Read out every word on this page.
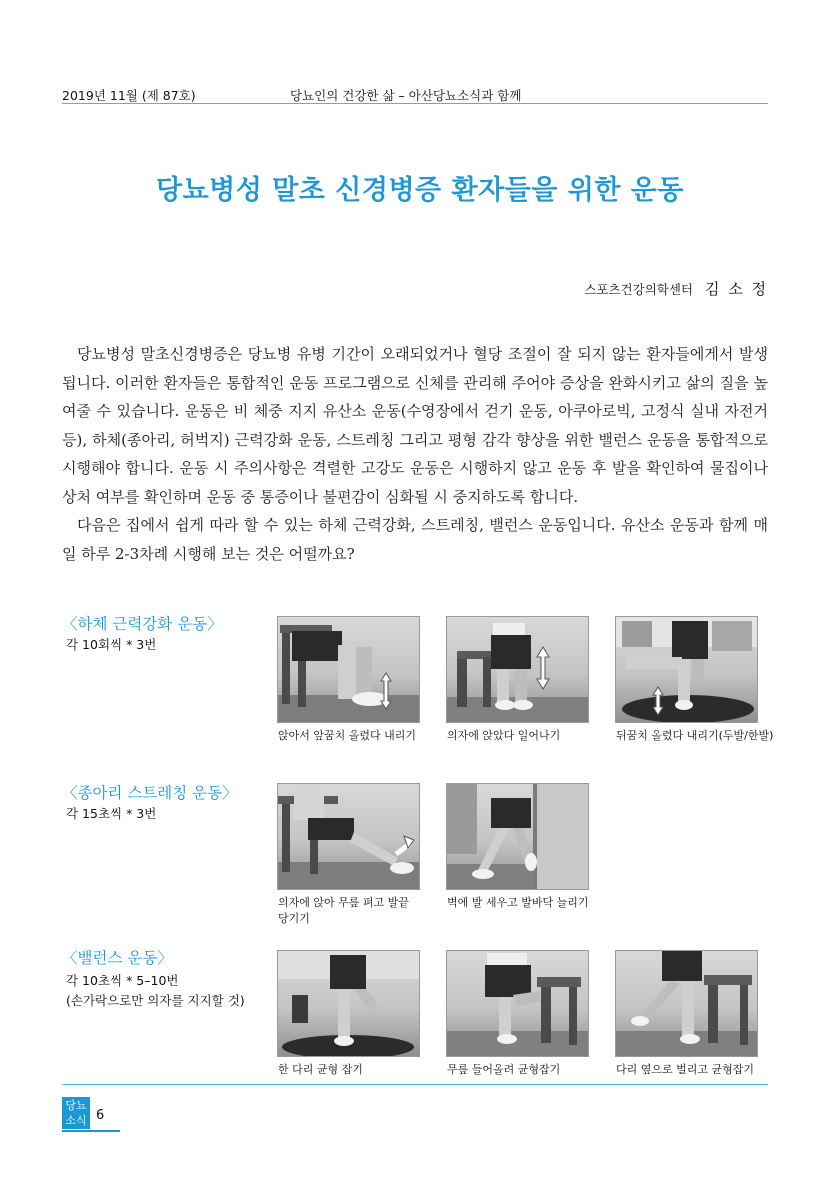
2019년 11월 (제 87호)	당뇨인의 건강한 삶 – 아산당뇨소식과 함께
당뇨병성 말초 신경병증 환자들을 위한 운동
스포츠건강의학센터 김 소 정

당뇨병성 말초신경병증은 당뇨병 유병 기간이 오래되었거나 혈당 조절이 잘 되지 않는 환자들에게서 발생됩니다. 이러한 환자들은 통합적인 운동 프로그램으로 신체를 관리해 주어야 증상을 완화시키고 삶의 질을 높여줄 수 있습니다. 운동은 비 체중 지지 유산소 운동(수영장에서 걷기 운동, 아쿠아로빅, 고정식 실내 자전거 등), 하체(종아리, 허벅지) 근력강화 운동, 스트레칭 그리고 평형 감각 향상을 위한 밸런스 운동을 통합적으로 시행해야 합니다. 운동 시 주의사항은 격렬한 고강도 운동은 시행하지 않고 운동 후 발을 확인하여 물집이나 상처 여부를 확인하며 운동 중 통증이나 불편감이 심화될 시 중지하도록 합니다.

다음은 집에서 쉽게 따라 할 수 있는 하체 근력강화, 스트레칭, 밸런스 운동입니다. 유산소 운동과 함께 매일 하루 2-3차례 시행해 보는 것은 어떨까요?

〈하체 근력강화 운동〉
각 10회씩 * 3번
앉아서 앞꿈치 올렸다 내리기	의자에 앉았다 일어나기	뒤꿈치 올렸다 내리기(두발/한발)
〈종아리 스트레칭 운동〉
각 15초씩 * 3번
의자에 앉아 무릎 펴고 발끝 당기기
벽에 발 세우고 발바닥 늘리기
〈밸런스 운동〉
각 10초씩 * 5–10번
(손가락으로만 의자를 지지할 것)
한 다리 균형 잡기	무릎 들어올려 균형잡기	다리 옆으로 벌리고 균형잡기
당뇨
소식 6
